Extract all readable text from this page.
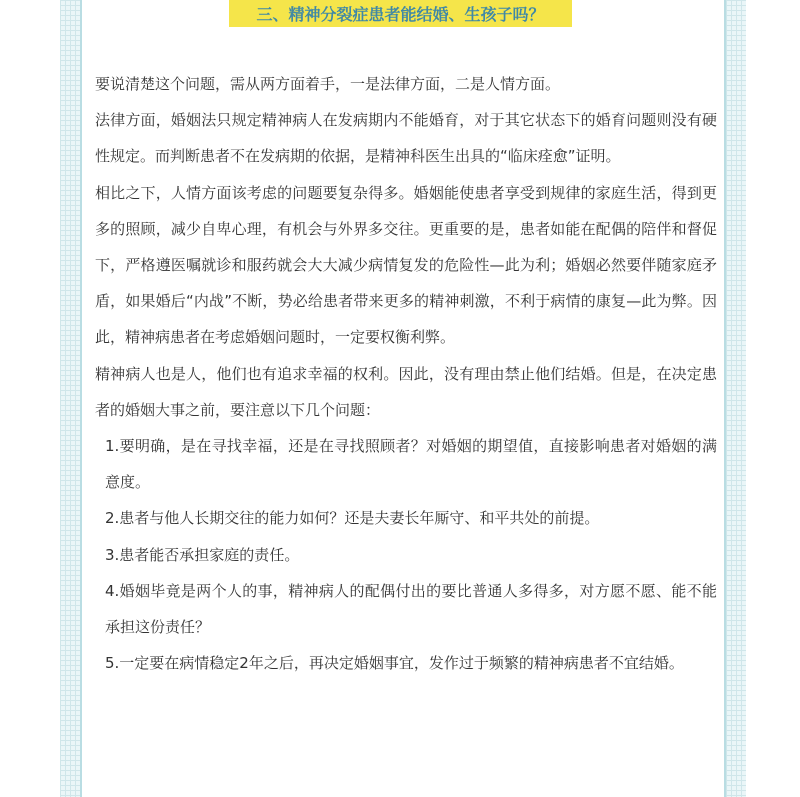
三、精神分裂症患者能结婚、生孩子吗？

要说清楚这个问题，需从两方面着手，一是法律方面，二是人情方面。

法律方面，婚姻法只规定精神病人在发病期内不能婚育，对于其它状态下的婚育问题则没有硬性规定。而判断患者不在发病期的依据，是精神科医生出具的“临床痊愈”证明。

相比之下，人情方面该考虑的问题要复杂得多。婚姻能使患者享受到规律的家庭生活，得到更多的照顾，减少自卑心理，有机会与外界多交往。更重要的是，患者如能在配偶的陪伴和督促下，严格遵医嘱就诊和服药就会大大减少病情复发的危险性—此为利；婚姻必然要伴随家庭矛盾，如果婚后“内战”不断，势必给患者带来更多的精神刺激，不利于病情的康复—此为弊。因此，精神病患者在考虑婚姻问题时，一定要权衡利弊。

精神病人也是人，他们也有追求幸福的权利。因此，没有理由禁止他们结婚。但是，在决定患者的婚姻大事之前，要注意以下几个问题：

1.要明确，是在寻找幸福，还是在寻找照顾者？对婚姻的期望值，直接影响患者对婚姻的满意度。

2.患者与他人长期交往的能力如何？还是夫妻长年厮守、和平共处的前提。

3.患者能否承担家庭的责任。

4.婚姻毕竟是两个人的事，精神病人的配偶付出的要比普通人多得多，对方愿不愿、能不能承担这份责任？

5.一定要在病情稳定2年之后，再决定婚姻事宜，发作过于频繁的精神病患者不宜结婚。
